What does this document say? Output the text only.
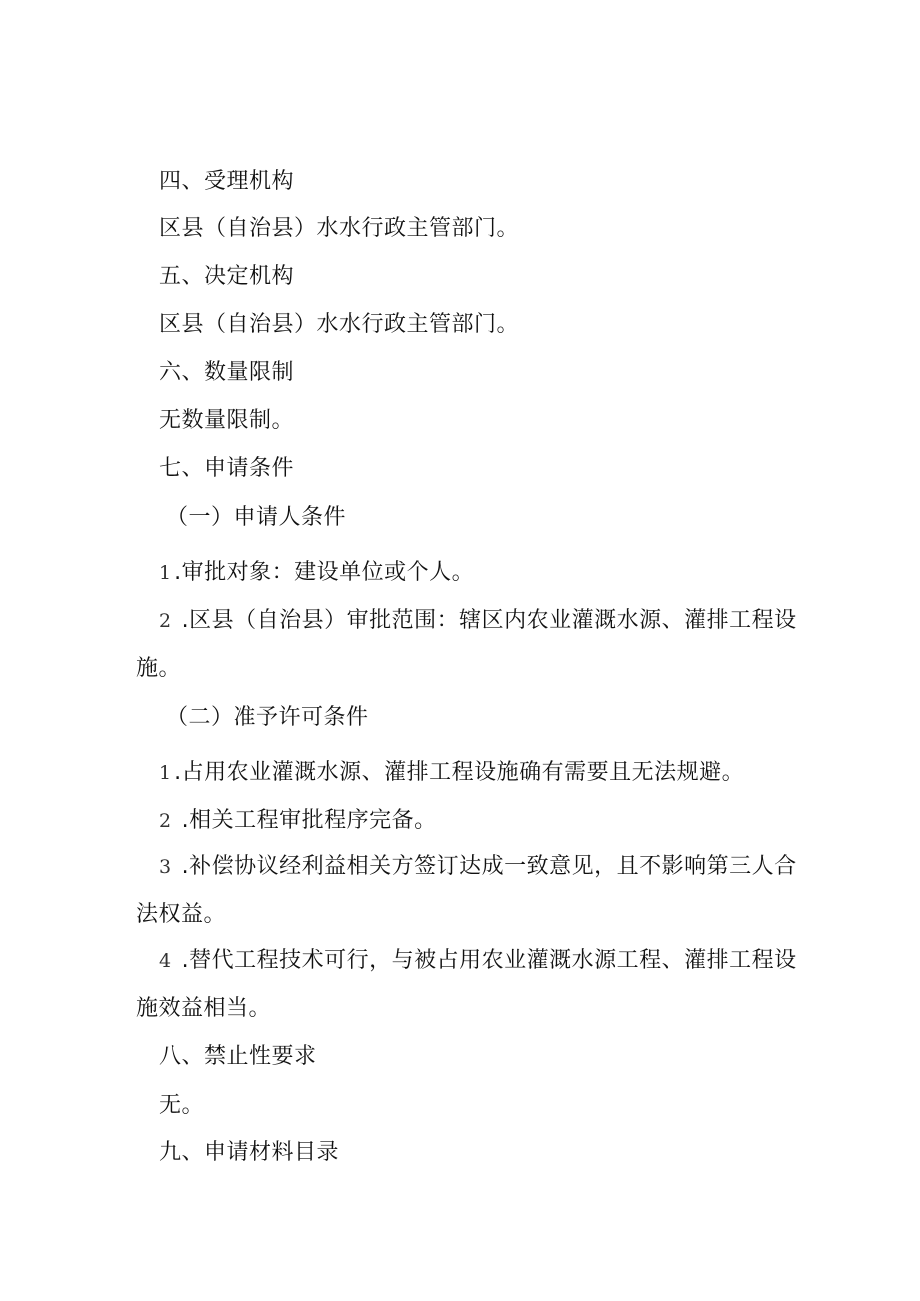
四、受理机构
区县（自治县）水水行政主管部门。
五、决定机构
区县（自治县）水水行政主管部门。
六、数量限制
无数量限制。
七、申请条件
（一）申请人条件
1.审批对象：建设单位或个人。
2 .区县（自治县）审批范围：辖区内农业灌溉水源、灌排工程设
施。
（二）准予许可条件
1.占用农业灌溉水源、灌排工程设施确有需要且无法规避。
2 .相关工程审批程序完备。
3 .补偿协议经利益相关方签订达成一致意见，且不影响第三人合
法权益。
4 .替代工程技术可行，与被占用农业灌溉水源工程、灌排工程设
施效益相当。
八、禁止性要求
无。
九、申请材料目录
